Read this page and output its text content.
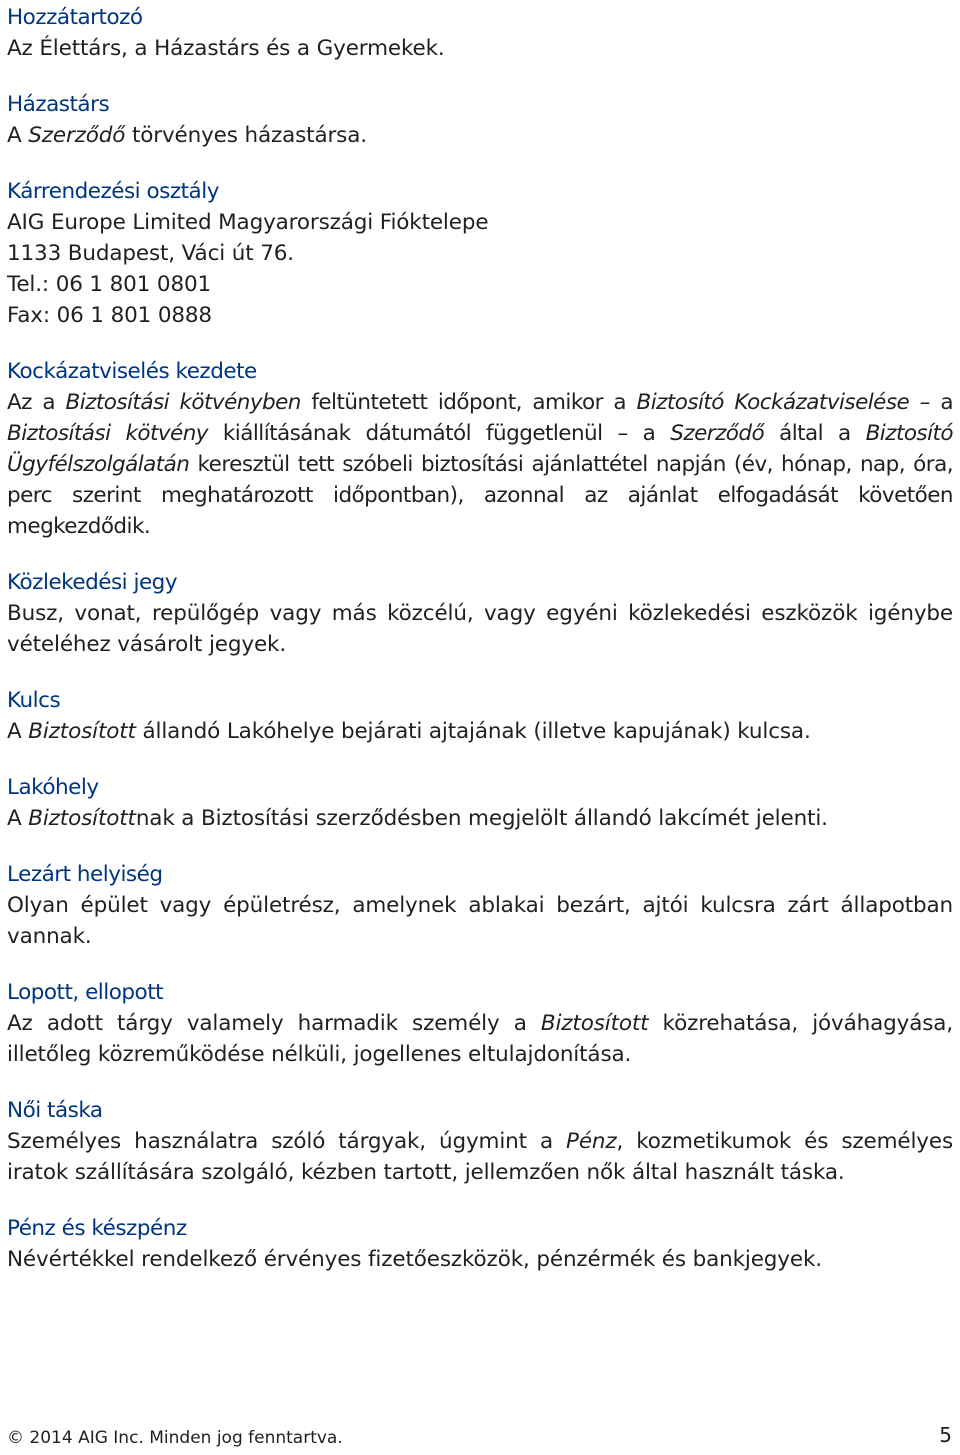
Hozzátartozó

Az Élettárs, a Házastárs és a Gyermekek.

Házastárs

A Szerződő törvényes házastársa.

Kárrendezési osztály

AIG Europe Limited Magyarországi Fióktelepe

1133 Budapest, Váci út 76.

Tel.: 06 1 801 0801

Fax: 06 1 801 0888

Kockázatviselés kezdete

Az a Biztosítási kötvényben feltüntetett időpont, amikor a Biztosító Kockázatviselése – a Biztosítási kötvény kiállításának dátumától függetlenül – a Szerződő által a Biztosító Ügyfélszolgálatán keresztül tett szóbeli biztosítási ajánlattétel napján (év, hónap, nap, óra, perc szerint meghatározott időpontban), azonnal az ajánlat elfogadását követően megkezdődik.

Közlekedési jegy

Busz, vonat, repülőgép vagy más közcélú, vagy egyéni közlekedési eszközök igénybe vételéhez vásárolt jegyek.

Kulcs

A Biztosított állandó Lakóhelye bejárati ajtajának (illetve kapujának) kulcsa.

Lakóhely

A Biztosítottnak a Biztosítási szerződésben megjelölt állandó lakcímét jelenti.

Lezárt helyiség

Olyan épület vagy épületrész, amelynek ablakai bezárt, ajtói kulcsra zárt állapotban vannak.

Lopott, ellopott

Az adott tárgy valamely harmadik személy a Biztosított közrehatása, jóváhagyása, illetőleg közreműködése nélküli, jogellenes eltulajdonítása.

Női táska

Személyes használatra szóló tárgyak, úgymint a Pénz, kozmetikumok és személyes iratok szállítására szolgáló, kézben tartott, jellemzően nők által használt táska.

Pénz és készpénz

Névértékkel rendelkező érvényes fizetőeszközök, pénzérmék és bankjegyek.

© 2014 AIG Inc. Minden jog fenntartva.	5
